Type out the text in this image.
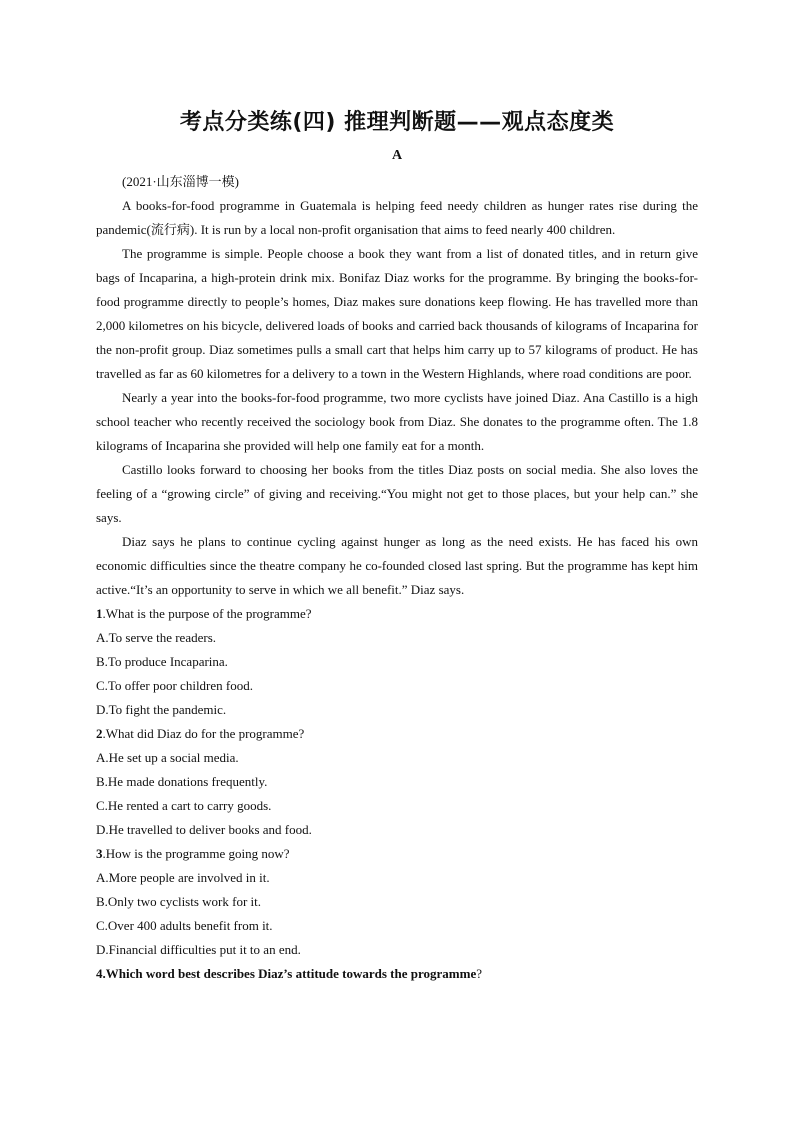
考点分类练(四) 推理判断题——观点态度类
A
(2021·山东淄博一模)

A books-for-food programme in Guatemala is helping feed needy children as hunger rates rise during the pandemic(流行病). It is run by a local non-profit organisation that aims to feed nearly 400 children.

The programme is simple. People choose a book they want from a list of donated titles, and in return give bags of Incaparina, a high-protein drink mix. Bonifaz Diaz works for the programme. By bringing the books-for-food programme directly to people’s homes, Diaz makes sure donations keep flowing. He has travelled more than 2,000 kilometres on his bicycle, delivered loads of books and carried back thousands of kilograms of Incaparina for the non-profit group. Diaz sometimes pulls a small cart that helps him carry up to 57 kilograms of product. He has travelled as far as 60 kilometres for a delivery to a town in the Western Highlands, where road conditions are poor.

Nearly a year into the books-for-food programme, two more cyclists have joined Diaz. Ana Castillo is a high school teacher who recently received the sociology book from Diaz. She donates to the programme often. The 1.8 kilograms of Incaparina she provided will help one family eat for a month.

Castillo looks forward to choosing her books from the titles Diaz posts on social media. She also loves the feeling of a “growing circle” of giving and receiving.“You might not get to those places, but your help can.” she says.

Diaz says he plans to continue cycling against hunger as long as the need exists. He has faced his own economic difficulties since the theatre company he co-founded closed last spring. But the programme has kept him active.“It’s an opportunity to serve in which we all benefit.” Diaz says.

1.What is the purpose of the programme?

A.To serve the readers.

B.To produce Incaparina.

C.To offer poor children food.

D.To fight the pandemic.

2.What did Diaz do for the programme?

A.He set up a social media.

B.He made donations frequently.

C.He rented a cart to carry goods.

D.He travelled to deliver books and food.

3.How is the programme going now?

A.More people are involved in it.

B.Only two cyclists work for it.

C.Over 400 adults benefit from it.

D.Financial difficulties put it to an end.

4.Which word best describes Diaz’s attitude towards the programme?
